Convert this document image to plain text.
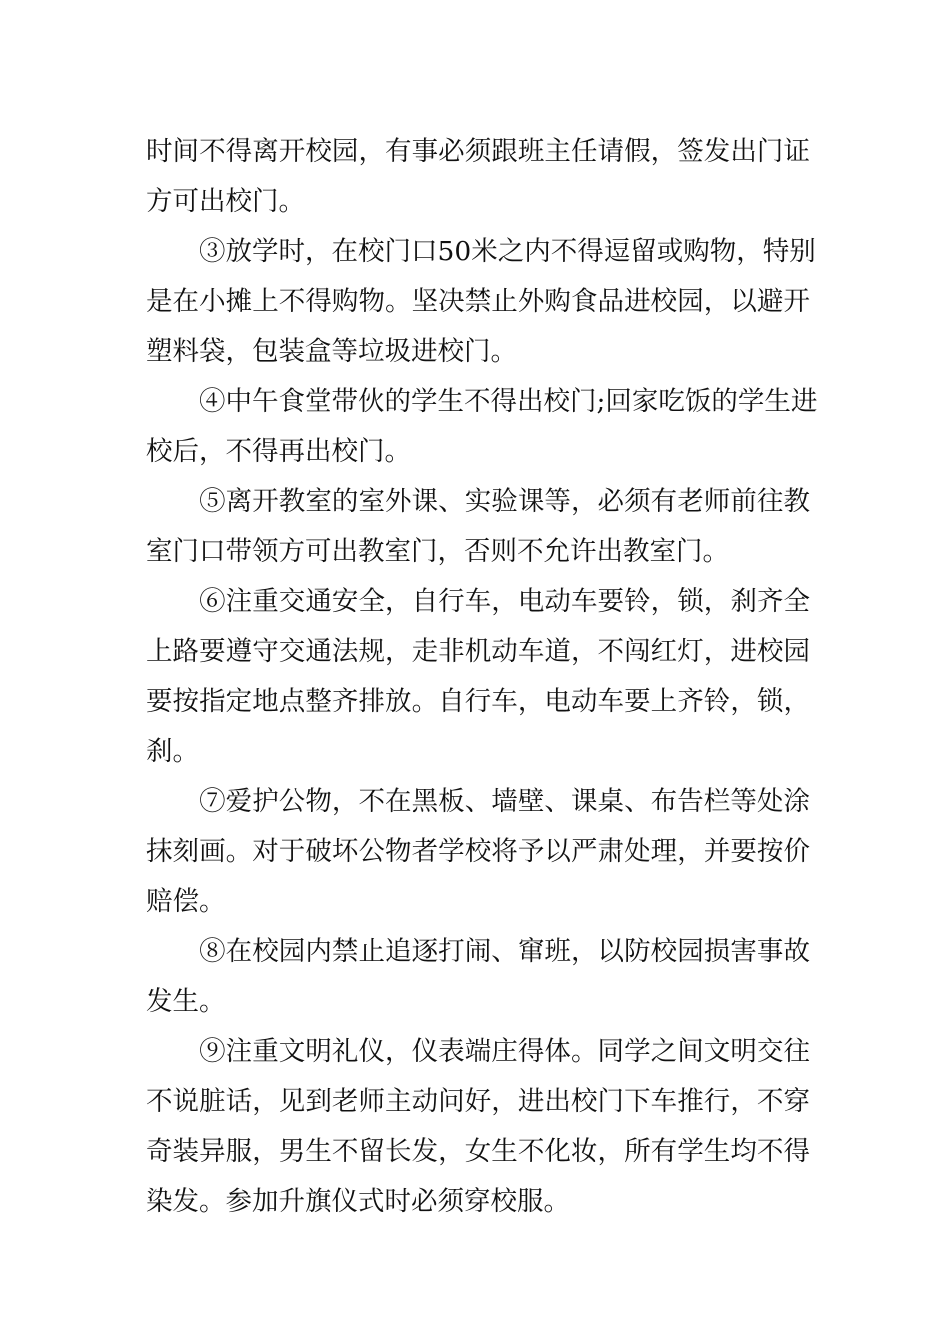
时间不得离开校园，有事必须跟班主任请假，签发出门证
方可出校门。
　　③放学时，在校门口50米之内不得逗留或购物，特别
是在小摊上不得购物。坚决禁止外购食品进校园，以避开
塑料袋，包装盒等垃圾进校门。
　　④中午食堂带伙的学生不得出校门;回家吃饭的学生进
校后，不得再出校门。
　　⑤离开教室的室外课、实验课等，必须有老师前往教
室门口带领方可出教室门，否则不允许出教室门。
　　⑥注重交通安全，自行车，电动车要铃，锁，刹齐全
上路要遵守交通法规，走非机动车道，不闯红灯，进校园
要按指定地点整齐排放。自行车，电动车要上齐铃，锁，
刹。
　　⑦爱护公物，不在黑板、墙壁、课桌、布告栏等处涂
抹刻画。对于破坏公物者学校将予以严肃处理，并要按价
赔偿。
　　⑧在校园内禁止追逐打闹、窜班，以防校园损害事故
发生。
　　⑨注重文明礼仪，仪表端庄得体。同学之间文明交往
不说脏话，见到老师主动问好，进出校门下车推行，不穿
奇装异服，男生不留长发，女生不化妆，所有学生均不得
染发。参加升旗仪式时必须穿校服。
